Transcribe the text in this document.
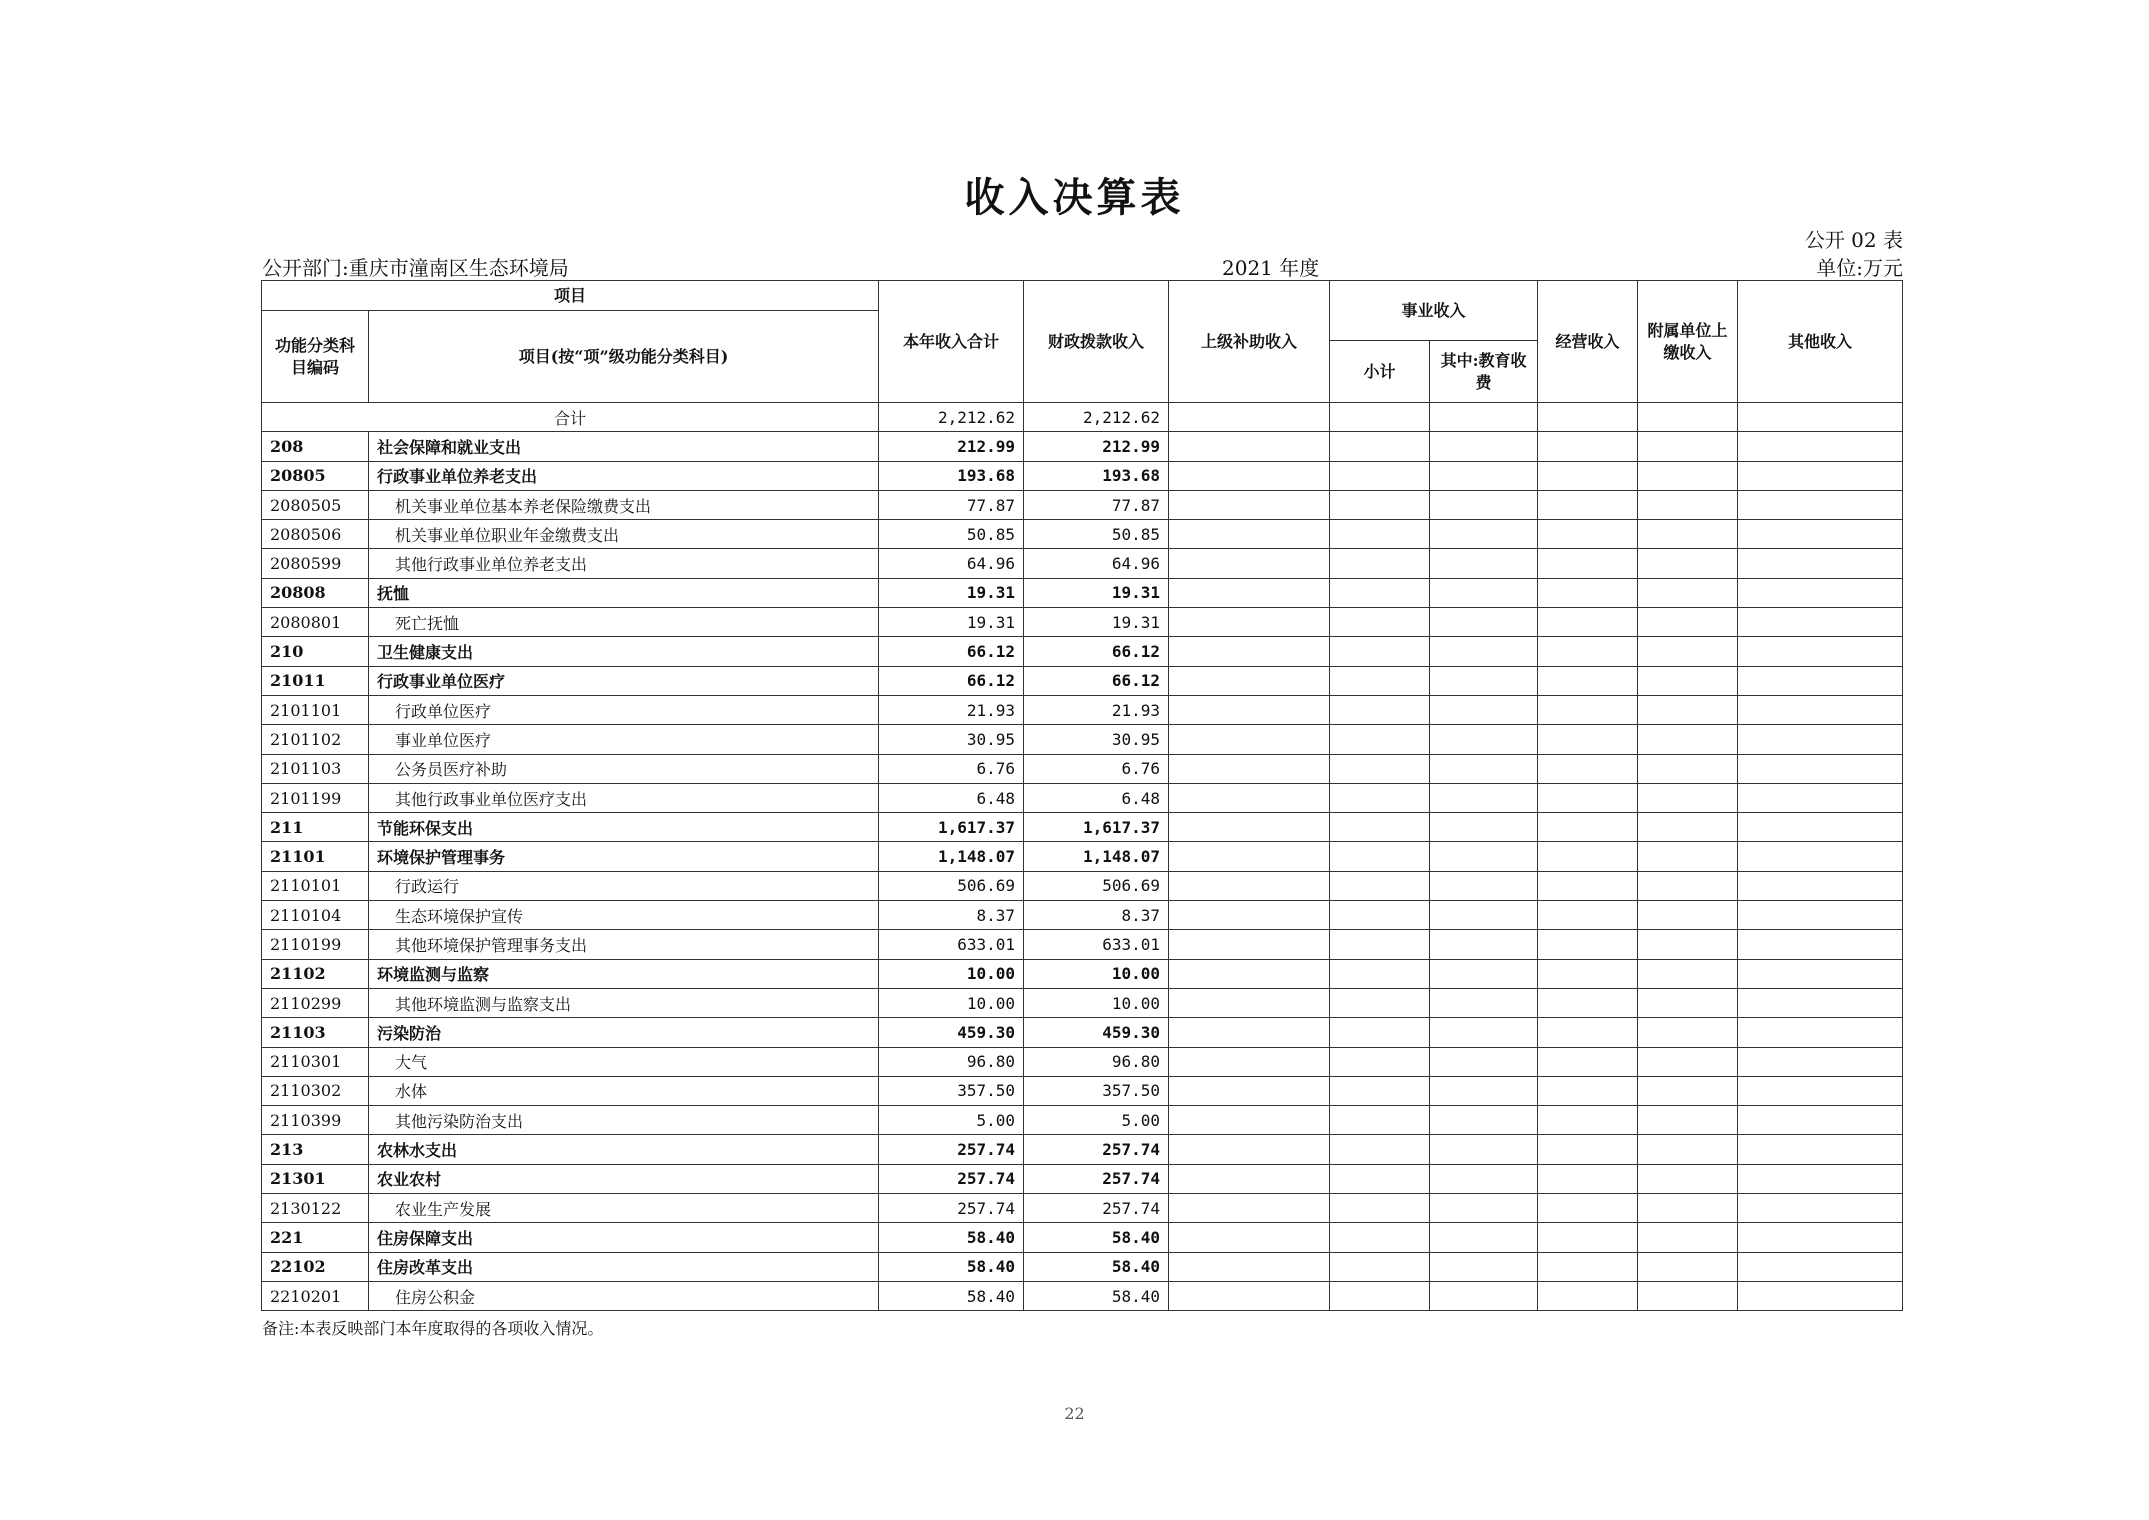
收入决算表
公开 02 表
公开部门:重庆市潼南区生态环境局	2021 年度	单位:万元
项目		本年收入合计	财政拨款收入	上级补助收入	事业收入		经营收入	附属单位上缴收入	其他收入
功能分类科目编码	项目(按“项”级功能分类科目)								
					小计	其中:教育收费			
合计		2,212.62	2,212.62						
208	社会保障和就业支出	212.99	212.99						
20805	行政事业单位养老支出	193.68	193.68						
2080505	机关事业单位基本养老保险缴费支出	77.87	77.87						
2080506	机关事业单位职业年金缴费支出	50.85	50.85						
2080599	其他行政事业单位养老支出	64.96	64.96						
20808	抚恤	19.31	19.31						
2080801	死亡抚恤	19.31	19.31						
210	卫生健康支出	66.12	66.12						
21011	行政事业单位医疗	66.12	66.12						
2101101	行政单位医疗	21.93	21.93						
2101102	事业单位医疗	30.95	30.95						
2101103	公务员医疗补助	6.76	6.76						
2101199	其他行政事业单位医疗支出	6.48	6.48						
211	节能环保支出	1,617.37	1,617.37						
21101	环境保护管理事务	1,148.07	1,148.07						
2110101	行政运行	506.69	506.69						
2110104	生态环境保护宣传	8.37	8.37						
2110199	其他环境保护管理事务支出	633.01	633.01						
21102	环境监测与监察	10.00	10.00						
2110299	其他环境监测与监察支出	10.00	10.00						
21103	污染防治	459.30	459.30						
2110301	大气	96.80	96.80						
2110302	水体	357.50	357.50						
2110399	其他污染防治支出	5.00	5.00						
213	农林水支出	257.74	257.74						
21301	农业农村	257.74	257.74						
2130122	农业生产发展	257.74	257.74						
221	住房保障支出	58.40	58.40						
22102	住房改革支出	58.40	58.40						
2210201	住房公积金	58.40	58.40						
备注:本表反映部门本年度取得的各项收入情况。
22
